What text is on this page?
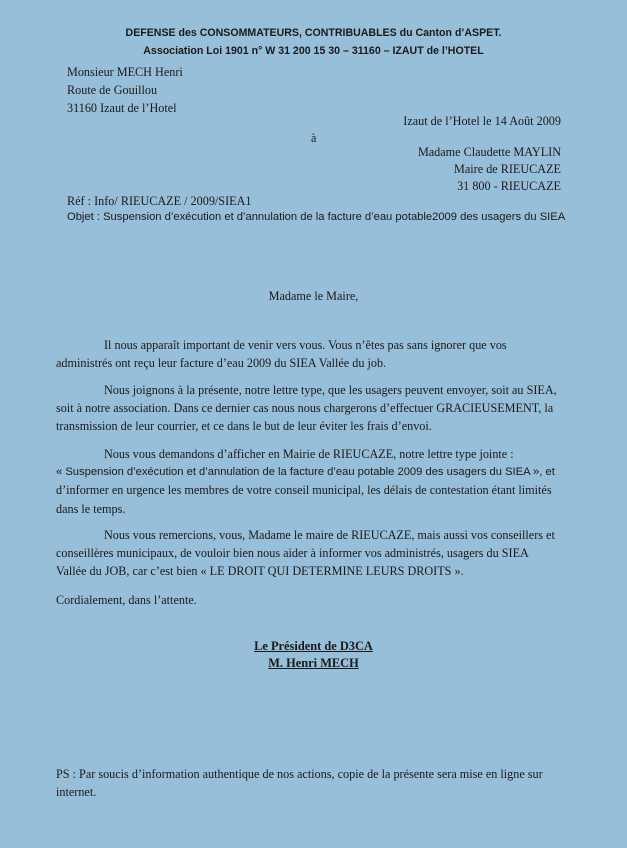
DEFENSE des CONSOMMATEURS, CONTRIBUABLES du Canton d’ASPET.
Association Loi 1901 n° W 31 200 15 30 – 31160 – IZAUT de l’HOTEL
Monsieur MECH Henri
Route de Gouillou
31160 Izaut de l’Hotel
Izaut de l’Hotel le 14 Août 2009
à
Madame Claudette MAYLIN
Maire de RIEUCAZE
31 800 - RIEUCAZE
Réf : Info/ RIEUCAZE / 2009/SIEA1
Objet : Suspension d’exécution et d’annulation de la facture d’eau potable2009 des usagers du SIEA
Madame le Maire,
Il nous apparaît important de venir vers vous. Vous n’êtes pas sans ignorer que vos
administrés ont reçu leur facture d’eau 2009 du SIEA Vallée du job.
Nous joignons à la présente, notre lettre type, que les usagers peuvent envoyer, soit au SIEA,
soit à notre association. Dans ce dernier cas nous nous chargerons d’effectuer GRACIEUSEMENT, la
transmission de leur courrier, et ce dans le but de leur éviter les frais d’envoi.
Nous vous demandons d’afficher en Mairie de RIEUCAZE, notre lettre type jointe :
« Suspension d’exécution et d’annulation de la facture d’eau potable 2009 des usagers du SIEA », et
d’informer en urgence les membres de votre conseil municipal, les délais de contestation étant limités
dans le temps.
Nous vous remercions, vous, Madame le maire de RIEUCAZE, mais aussi vos conseillers et
conseillères municipaux, de vouloir bien nous aider à informer vos administrés, usagers du SIEA
Vallée du JOB, car c’est bien « LE DROIT QUI DETERMINE LEURS DROITS ».
Cordialement, dans l’attente.
Le Président de D3CA
M. Henri MECH
PS : Par soucis d’information authentique de nos actions, copie de la présente sera mise en ligne sur
internet.
